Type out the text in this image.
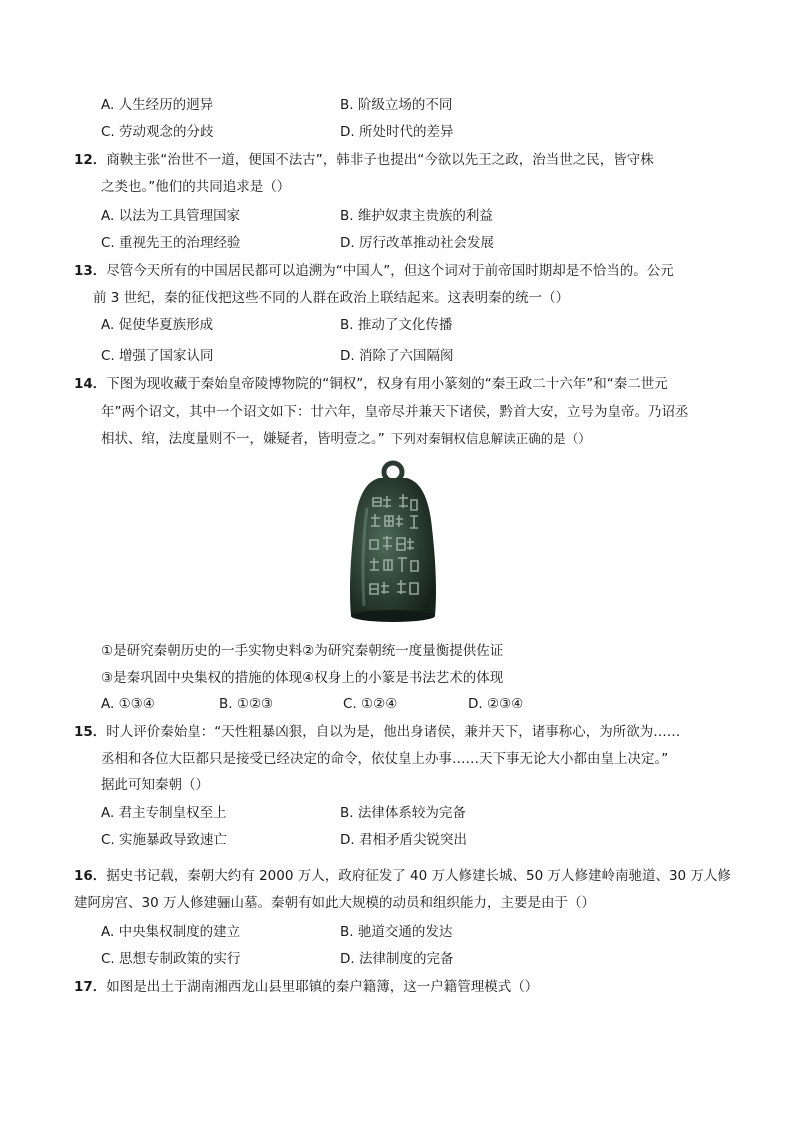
A. 人生经历的迥异	B. 阶级立场的不同
C. 劳动观念的分歧	D. 所处时代的差异
12．商鞅主张“治世不一道，便国不法古”，韩非子也提出“今欲以先王之政，治当世之民，皆守株
之类也。”他们的共同追求是（）
A. 以法为工具管理国家	B. 维护奴隶主贵族的利益
C. 重视先王的治理经验	D. 厉行改革推动社会发展
13．尽管今天所有的中国居民都可以追溯为“中国人”，但这个词对于前帝国时期却是不恰当的。公元
前 3 世纪，秦的征伐把这些不同的人群在政治上联结起来。这表明秦的统一（）
A. 促使华夏族形成	B. 推动了文化传播
C. 增强了国家认同	D. 消除了六国隔阂
14．下图为现收藏于秦始皇帝陵博物院的“铜权”，权身有用小篆刻的“秦王政二十六年”和“秦二世元
年”两个诏文，其中一个诏文如下：廿六年，皇帝尽并兼天下诸侯，黔首大安，立号为皇帝。乃诏丞
相状、绾，法度量则不一，嫌疑者，皆明壹之。” 下列对秦铜权信息解读正确的是（）
①是研究秦朝历史的一手实物史料②为研究秦朝统一度量衡提供佐证
③是秦巩固中央集权的措施的体现④权身上的小篆是书法艺术的体现
A. ①③④	B. ①②③	C. ①②④	D. ②③④
15．时人评价秦始皇：“天性粗暴凶狠，自以为是，他出身诸侯，兼并天下，诸事称心，为所欲为……
丞相和各位大臣都只是接受已经决定的命令，依仗皇上办事……天下事无论大小都由皇上决定。”
据此可知秦朝（）
A. 君主专制皇权至上	B. 法律体系较为完备
C. 实施暴政导致速亡	D. 君相矛盾尖锐突出
16．据史书记载，秦朝大约有 2000 万人，政府征发了 40 万人修建长城、50 万人修建岭南驰道、30 万人修
建阿房宫、30 万人修建骊山墓。秦朝有如此大规模的动员和组织能力，主要是由于（）
A. 中央集权制度的建立	B. 驰道交通的发达
C. 思想专制政策的实行	D. 法律制度的完备
17．如图是出土于湖南湘西龙山县里耶镇的秦户籍簿，这一户籍管理模式（）
